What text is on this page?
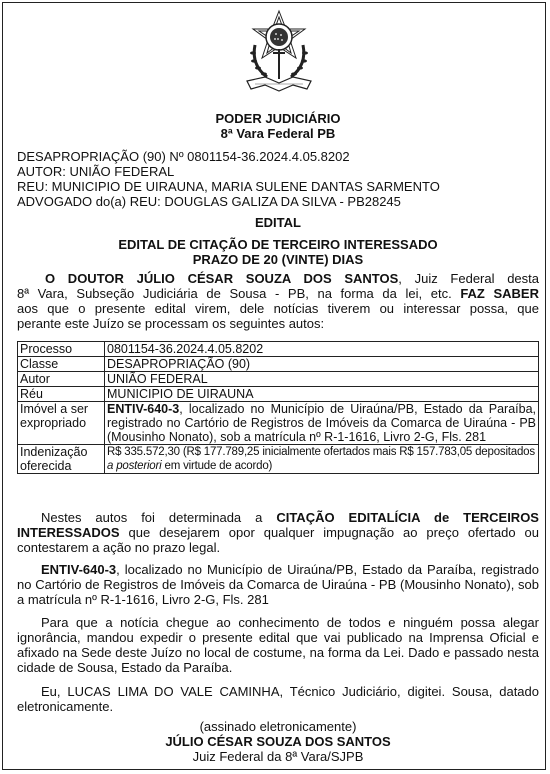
PODER JUDICIÁRIO

8ª Vara Federal PB

DESAPROPRIAÇÃO (90) Nº 0801154-36.2024.4.05.8202

AUTOR: UNIÃO FEDERAL

REU: MUNICIPIO DE UIRAUNA, MARIA SULENE DANTAS SARMENTO

ADVOGADO do(a) REU: DOUGLAS GALIZA DA SILVA - PB28245

EDITAL

EDITAL DE CITAÇÃO DE TERCEIRO INTERESSADO

PRAZO DE 20 (VINTE) DIAS

O DOUTOR JÚLIO CÉSAR SOUZA DOS SANTOS, Juiz Federal desta

8ª Vara, Subseção Judiciária de Sousa - PB, na forma da lei, etc. FAZ SABER

aos que o presente edital virem, dele notícias tiverem ou interessar possa, que

perante este Juízo se processam os seguintes autos:

Processo	0801154-36.2024.4.05.8202
Classe	DESAPROPRIAÇÃO (90)
Autor	UNIÃO FEDERAL
Réu	MUNICIPIO DE UIRAUNA
Imóvel a ser expropriado	ENTIV-640-3, localizado no Município de Uiraúna/PB, Estado da Paraíba, registrado no Cartório de Registros de Imóveis da Comarca de Uiraúna - PB (Mousinho Nonato), sob a matrícula nº R-1-1616, Livro 2-G, Fls. 281
Indenização oferecida	R$ 335.572,30 (R$ 177.789,25 inicialmente ofertados mais R$ 157.783,05 depositados a posteriori em virtude de acordo)

Nestes autos foi determinada a CITAÇÃO EDITALÍCIA de TERCEIROS INTERESSADOS que desejarem opor qualquer impugnação ao preço ofertado ou contestarem a ação no prazo legal.

ENTIV-640-3, localizado no Município de Uiraúna/PB, Estado da Paraíba, registrado no Cartório de Registros de Imóveis da Comarca de Uiraúna - PB (Mousinho Nonato), sob a matrícula nº R-1-1616, Livro 2-G, Fls. 281

Para que a notícia chegue ao conhecimento de todos e ninguém possa alegar ignorância, mandou expedir o presente edital que vai publicado na Imprensa Oficial e afixado na Sede deste Juízo no local de costume, na forma da Lei. Dado e passado nesta cidade de Sousa, Estado da Paraíba.

Eu, LUCAS LIMA DO VALE CAMINHA, Técnico Judiciário, digitei. Sousa, datado eletronicamente.

(assinado eletronicamente)

JÚLIO CÉSAR SOUZA DOS SANTOS

Juiz Federal da 8ª Vara/SJPB
